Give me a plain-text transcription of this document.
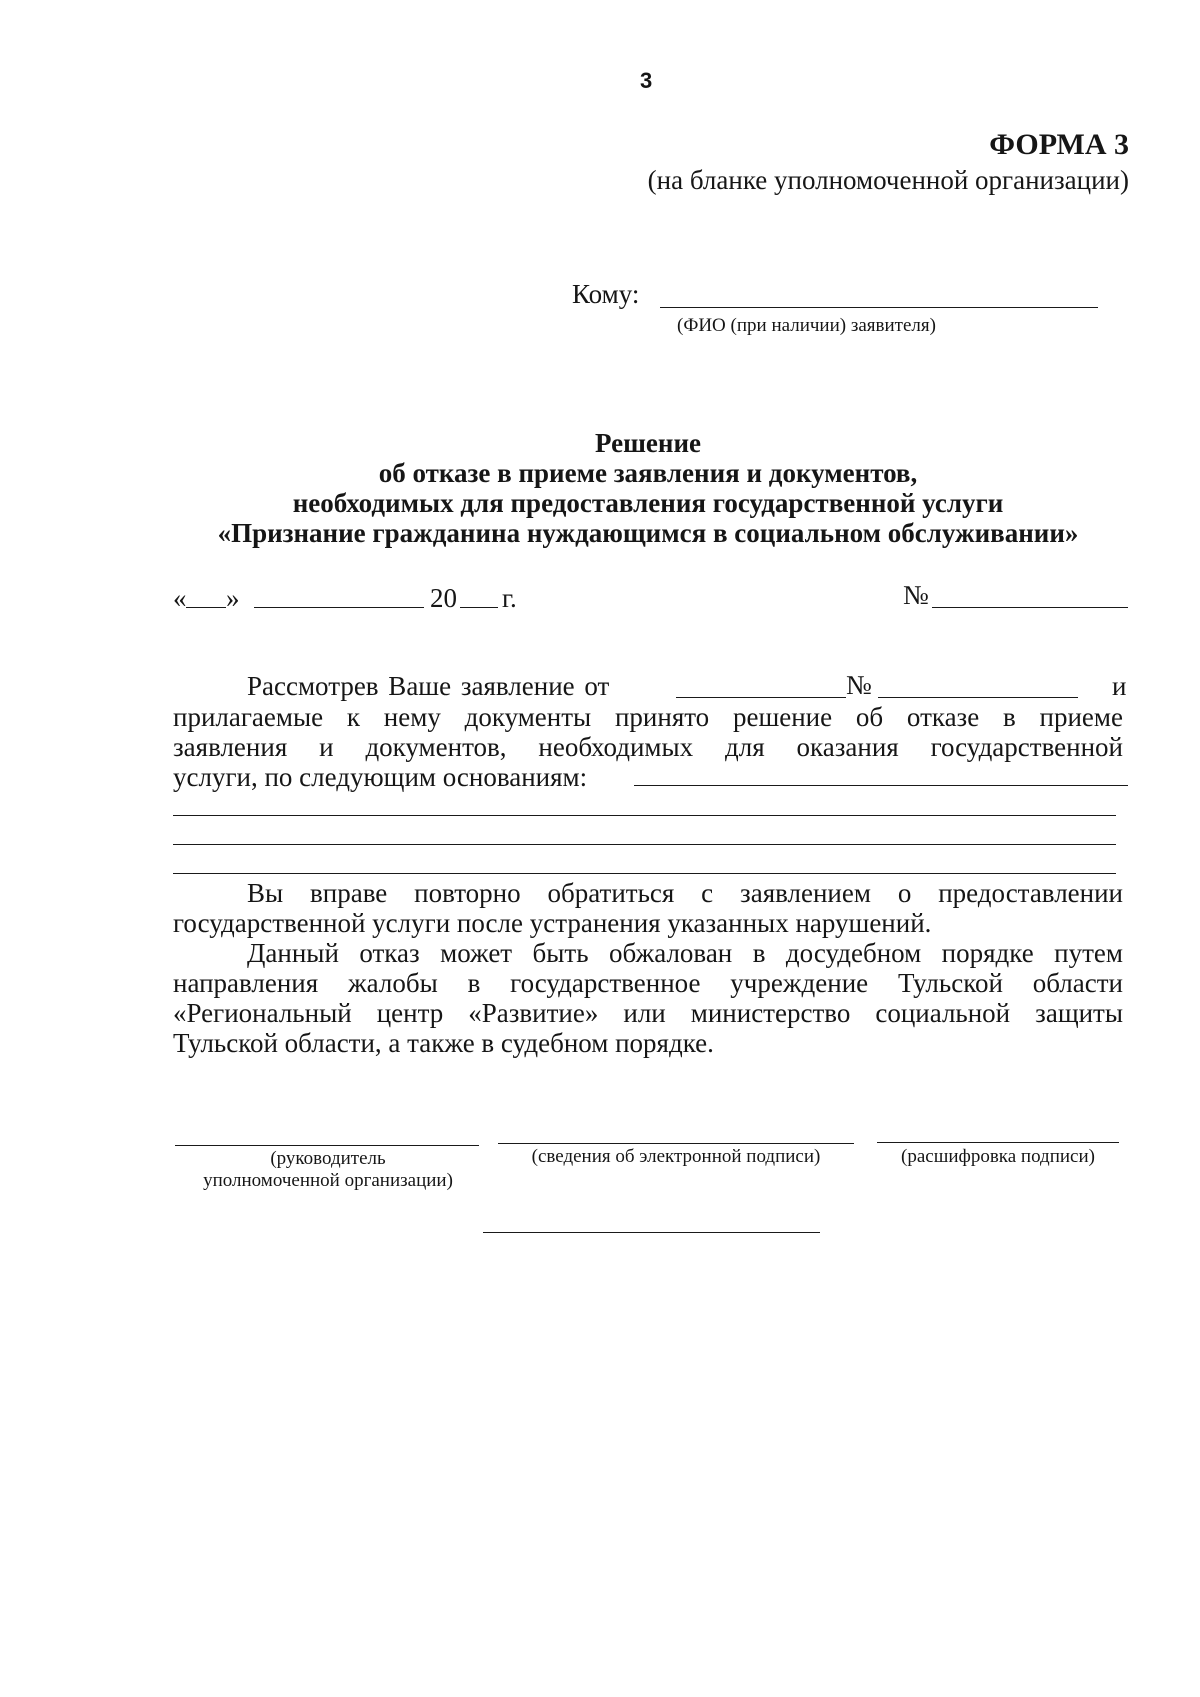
3
ФОРМА 3
(на бланке уполномоченной организации)
Кому:
(ФИО (при наличии) заявителя)
Решение
об отказе в приеме заявления и документов,
необходимых для предоставления государственной услуги
«Признание гражданина нуждающимся в социальном обслуживании»
« »	20 г.	№
Рассмотрев Ваше заявление от	№	и
прилагаемые к нему документы принято решение об отказе в приеме
заявления и документов, необходимых для оказания государственной
услуги, по следующим основаниям:
Вы вправе повторно обратиться с заявлением о предоставлении
государственной услуги после устранения указанных нарушений.
Данный отказ может быть обжалован в досудебном порядке путем
направления жалобы в государственное учреждение Тульской области
«Региональный центр «Развитие» или министерство социальной защиты
Тульской области, а также в судебном порядке.
(руководитель
уполномоченной организации)
(сведения об электронной подписи)	(расшифровка подписи)
